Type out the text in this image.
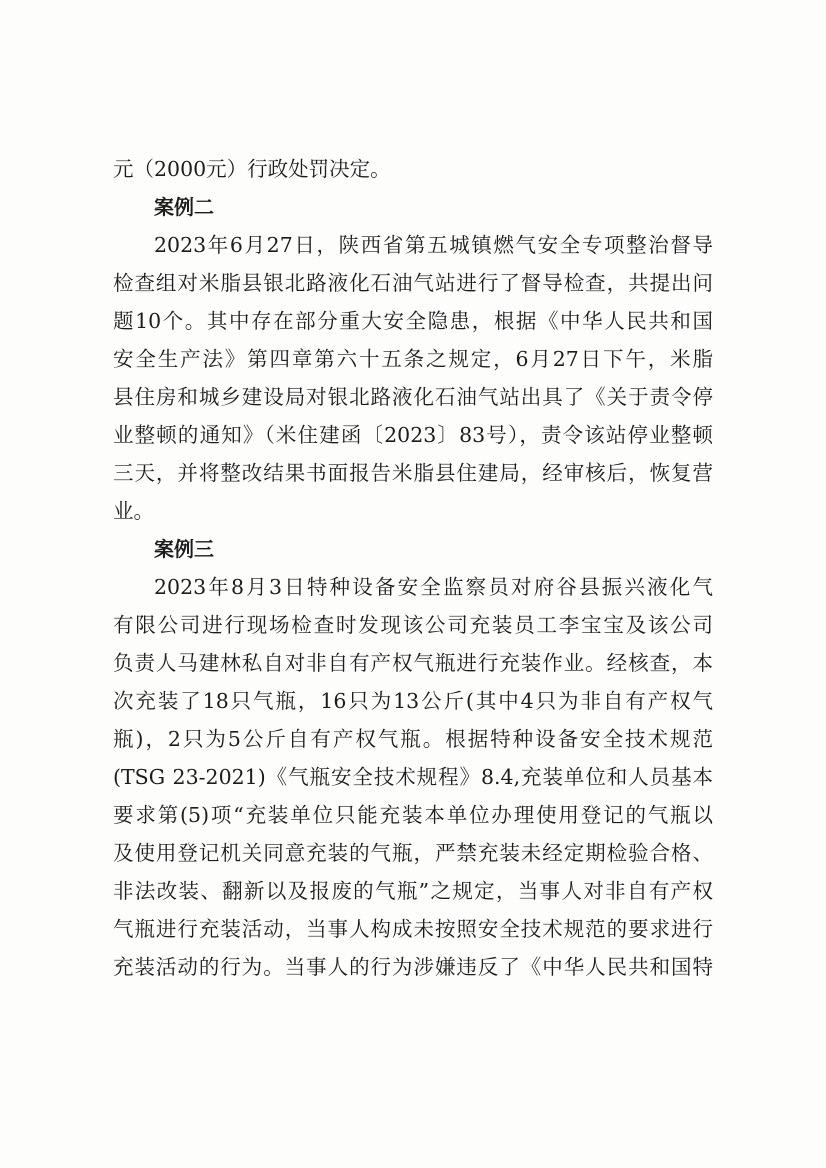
元（2000元）行政处罚决定。
案例二
2023年6月27日，陕西省第五城镇燃气安全专项整治督导
检查组对米脂县银北路液化石油气站进行了督导检查，共提出问
题10个。其中存在部分重大安全隐患，根据《中华人民共和国
安全生产法》第四章第六十五条之规定，6月27日下午，米脂
县住房和城乡建设局对银北路液化石油气站出具了《关于责令停
业整顿的通知》（米住建函〔2023〕83号），责令该站停业整顿
三天，并将整改结果书面报告米脂县住建局，经审核后，恢复营
业。
案例三
2023年8月3日特种设备安全监察员对府谷县振兴液化气
有限公司进行现场检查时发现该公司充装员工李宝宝及该公司
负责人马建林私自对非自有产权气瓶进行充装作业。经核查，本
次充装了18只气瓶，16只为13公斤(其中4只为非自有产权气
瓶)，2只为5公斤自有产权气瓶。根据特种设备安全技术规范
(TSG 23-2021)《气瓶安全技术规程》8.4,充装单位和人员基本
要求第(5)项“充装单位只能充装本单位办理使用登记的气瓶以
及使用登记机关同意充装的气瓶，严禁充装未经定期检验合格、
非法改装、翻新以及报废的气瓶”之规定，当事人对非自有产权
气瓶进行充装活动，当事人构成未按照安全技术规范的要求进行
充装活动的行为。当事人的行为涉嫌违反了《中华人民共和国特
